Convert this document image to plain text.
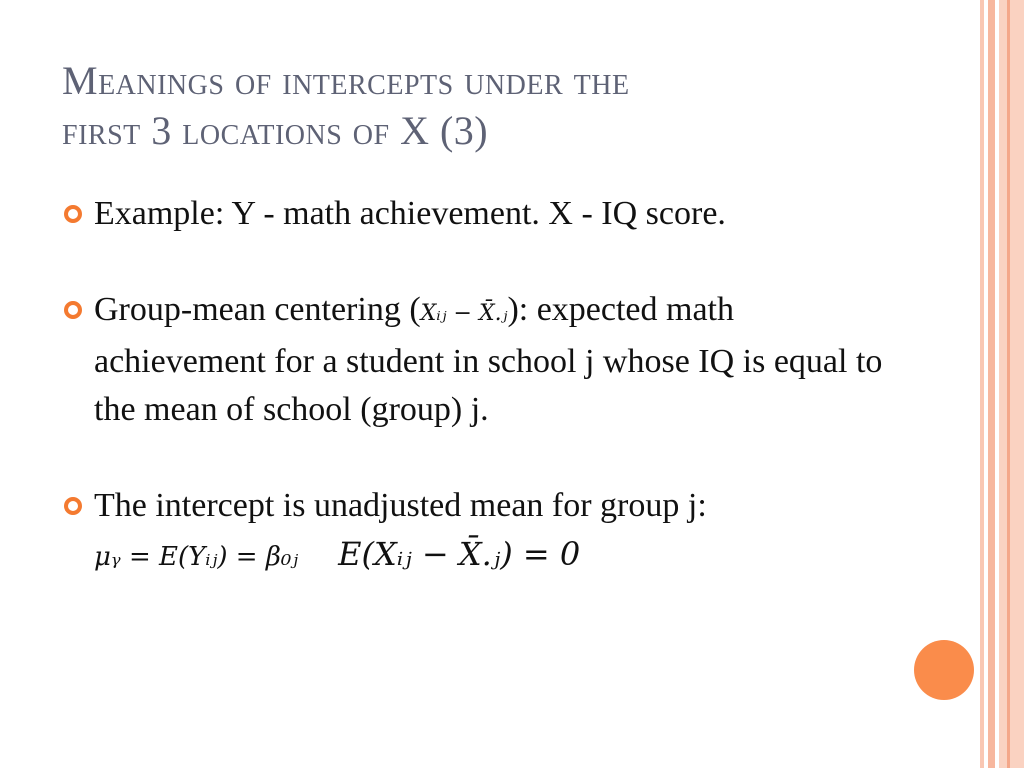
Meanings of intercepts under the
first 3 locations of X (3)

Example: Y - math achievement. X - IQ score.

Group-mean centering (Xᵢⱼ − X̄.ⱼ): expected math achievement for a student in school j whose IQ is equal to the mean of school (group) j.

The intercept is unadjusted mean for group j: μᵧ = E(Yᵢⱼ) = β₀ⱼ E(Xᵢⱼ − X̄.ⱼ) = 0
